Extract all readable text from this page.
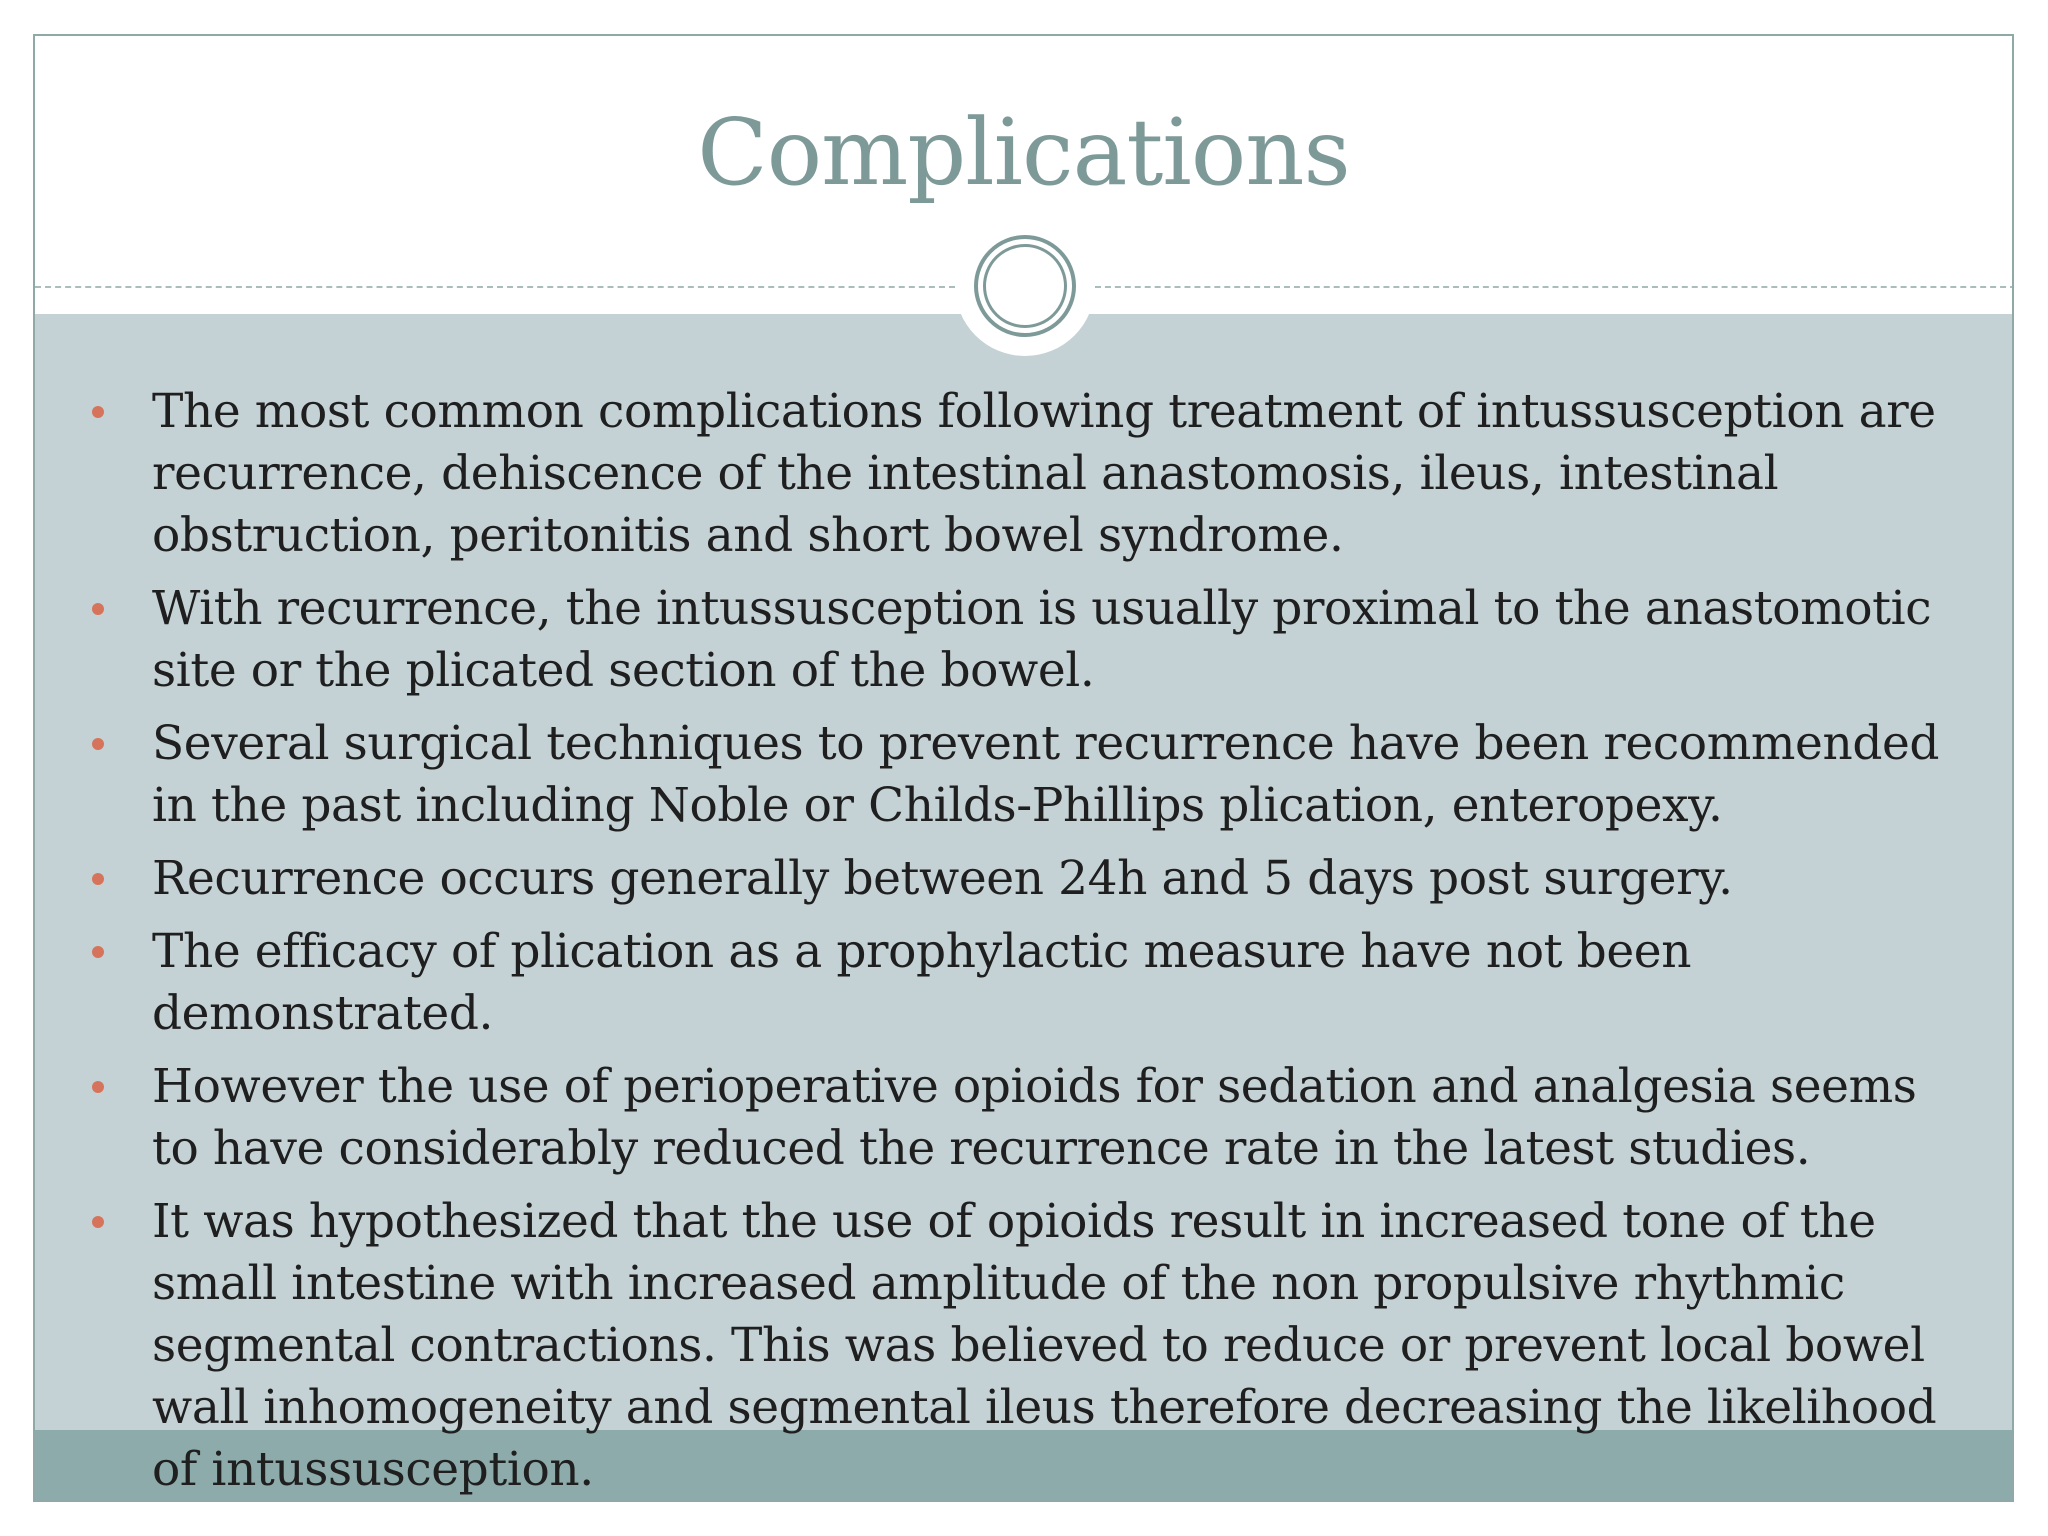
Complications
The most common complications following treatment of intussusception are recurrence, dehiscence of the intestinal anastomosis, ileus, intestinal obstruction, peritonitis and short bowel syndrome.
With recurrence, the intussusception is usually proximal to the anastomotic site or the plicated section of the bowel.
Several surgical techniques to prevent recurrence have been recommended in the past including Noble or Childs-Phillips plication, enteropexy.
Recurrence occurs generally between 24h and 5 days post surgery.
The efficacy of plication as a prophylactic measure have not been demonstrated.
However the use of perioperative opioids for sedation and analgesia seems to have considerably reduced the recurrence rate in the latest studies.
It was hypothesized that the use of opioids result in increased tone of the small intestine with increased amplitude of the non propulsive rhythmic segmental contractions. This was believed to reduce or prevent local bowel wall inhomogeneity and segmental ileus therefore decreasing the likelihood of intussusception.
